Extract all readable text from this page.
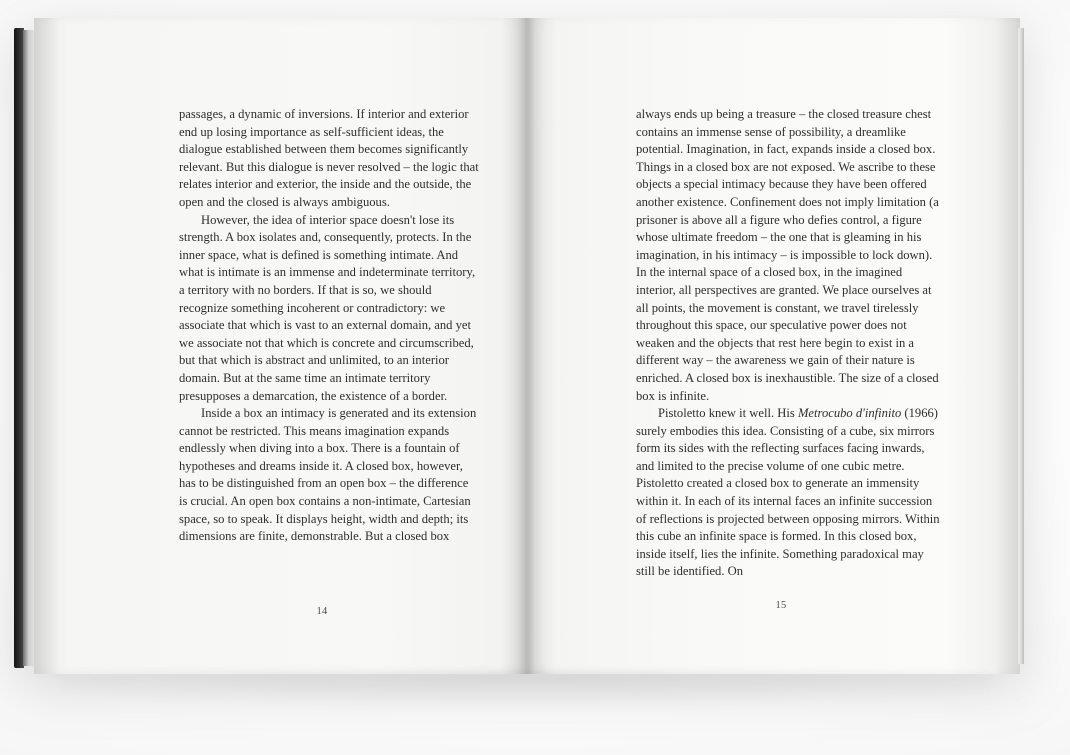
passages, a dynamic of inversions. If interior and exterior end up losing importance as self-sufficient ideas, the dialogue established between them becomes significantly relevant. But this dialogue is never resolved – the logic that relates interior and exterior, the inside and the outside, the open and the closed is always ambiguous.

However, the idea of interior space doesn't lose its strength. A box isolates and, consequently, protects. In the inner space, what is defined is something intimate. And what is intimate is an immense and indeterminate territory, a territory with no borders. If that is so, we should recognize something incoherent or contradictory: we associate that which is vast to an external domain, and yet we associate not that which is concrete and circumscribed, but that which is abstract and unlimited, to an interior domain. But at the same time an intimate territory presupposes a demarcation, the existence of a border.

Inside a box an intimacy is generated and its extension cannot be restricted. This means imagination expands endlessly when diving into a box. There is a fountain of hypotheses and dreams inside it. A closed box, however, has to be distinguished from an open box – the difference is crucial. An open box contains a non-intimate, Cartesian space, so to speak. It displays height, width and depth; its dimensions are finite, demonstrable. But a closed box

always ends up being a treasure – the closed treasure chest contains an immense sense of possibility, a dreamlike potential. Imagination, in fact, expands inside a closed box. Things in a closed box are not exposed. We ascribe to these objects a special intimacy because they have been offered another existence. Confinement does not imply limitation (a prisoner is above all a figure who defies control, a figure whose ultimate freedom – the one that is gleaming in his imagination, in his intimacy – is impossible to lock down). In the internal space of a closed box, in the imagined interior, all perspectives are granted. We place ourselves at all points, the movement is constant, we travel tirelessly throughout this space, our speculative power does not weaken and the objects that rest here begin to exist in a different way – the awareness we gain of their nature is enriched. A closed box is inexhaustible. The size of a closed box is infinite.

Pistoletto knew it well. His Metrocubo d'infinito (1966) surely embodies this idea. Consisting of a cube, six mirrors form its sides with the reflecting surfaces facing inwards, and limited to the precise volume of one cubic metre. Pistoletto created a closed box to generate an immensity within it. In each of its internal faces an infinite succession of reflections is projected between opposing mirrors. Within this cube an infinite space is formed. In this closed box, inside itself, lies the infinite. Something paradoxical may still be identified. On

14
15
